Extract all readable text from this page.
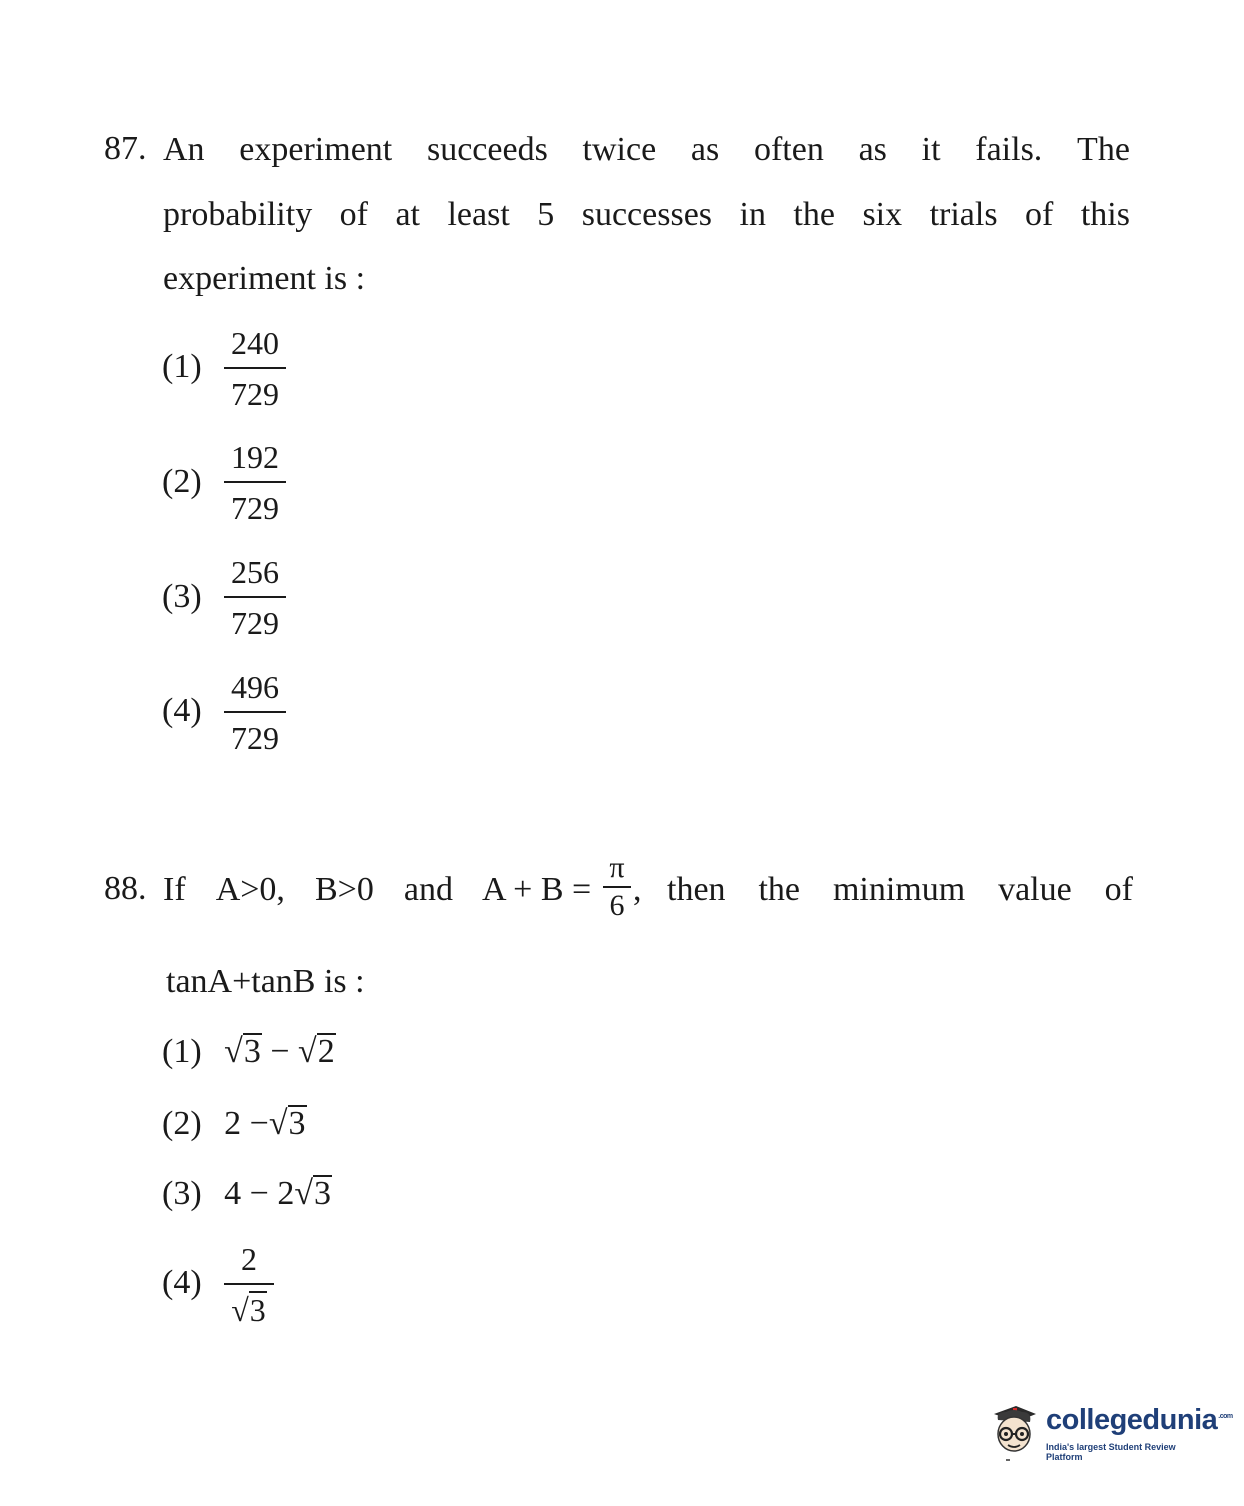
87. An experiment succeeds twice as often as it fails. The
probability of at least 5 successes in the six trials of this
experiment is :
(1)
240
729
(2)
192
729
(3)
256
729
(4)
496
729
88. If A>0, B>0 and A + B =
π
6 , then the minimum value of
tanA+tanB is :
(1) √3 − √2
(2) 2 −√3
(3) 4 − 2√3
(4)
2
√3
collegedunia$^{.com}$
India's largest Student Review Platform
